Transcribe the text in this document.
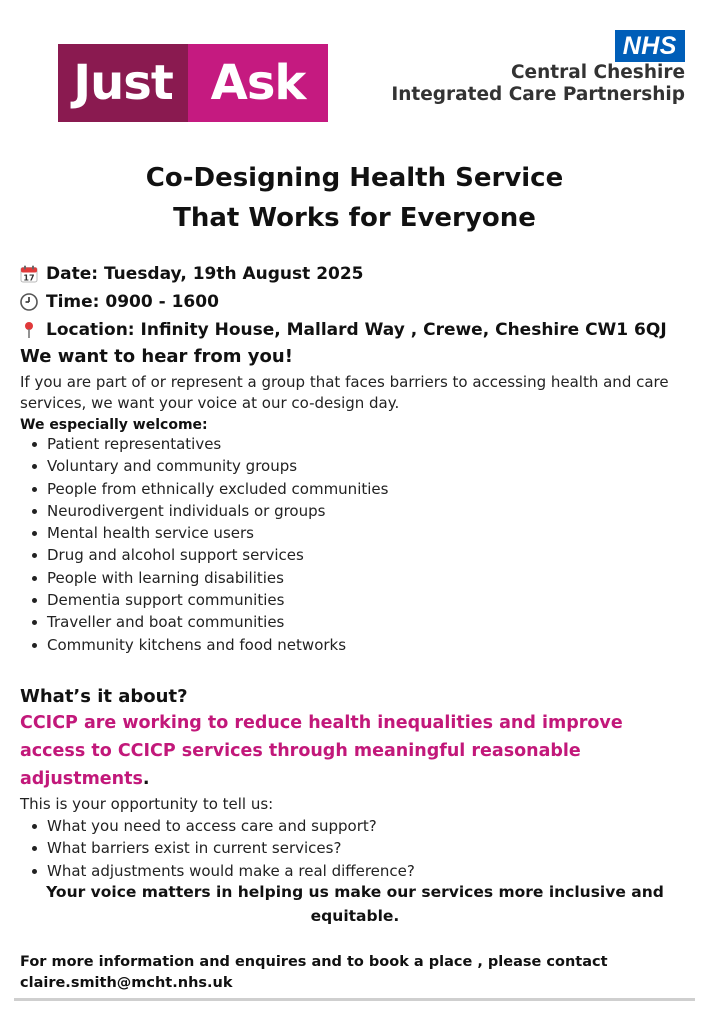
Just Ask
NHS
Central Cheshire
Integrated Care Partnership
Co-Designing Health Service
That Works for Everyone
17 Date: Tuesday, 19th August 2025
Time: 0900 - 1600
Location: Infinity House, Mallard Way , Crewe, Cheshire CW1 6QJ
We want to hear from you!
If you are part of or represent a group that faces barriers to accessing health and care services, we want your voice at our co-design day.
We especially welcome:
Patient representatives
Voluntary and community groups
People from ethnically excluded communities
Neurodivergent individuals or groups
Mental health service users
Drug and alcohol support services
People with learning disabilities
Dementia support communities
Traveller and boat communities
Community kitchens and food networks
What’s it about?
CCICP are working to reduce health inequalities and improve access to CCICP services through meaningful reasonable adjustments.
This is your opportunity to tell us:
What you need to access care and support?
What barriers exist in current services?
What adjustments would make a real difference?
Your voice matters in helping us make our services more inclusive and equitable.
For more information and enquires and to book a place , please contact
claire.smith@mcht.nhs.uk
